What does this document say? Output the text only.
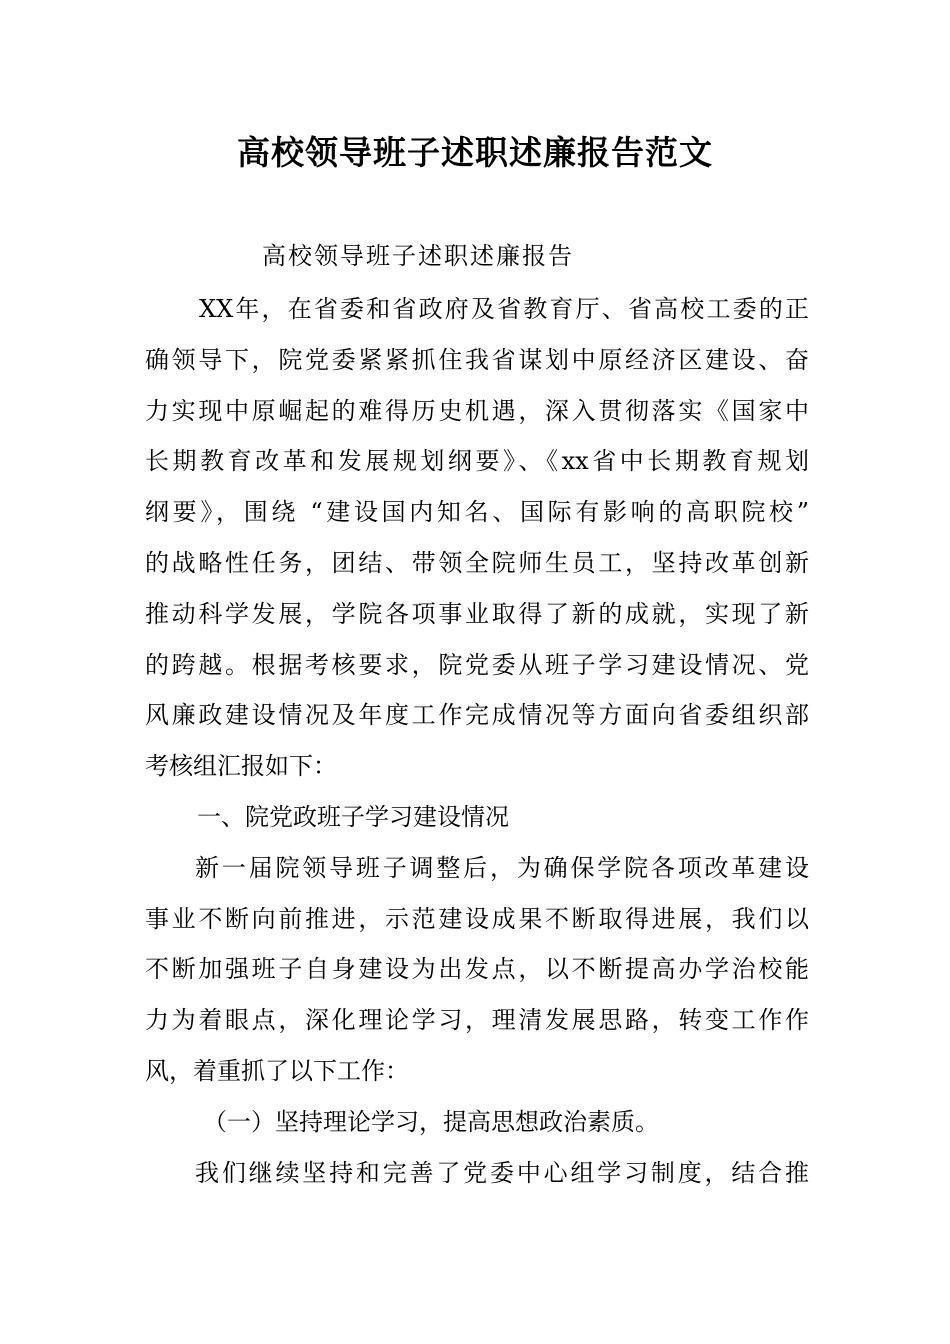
高校领导班子述职述廉报告范文

高校领导班子述职述廉报告

XX年，在省委和省政府及省教育厅、省高校工委的正
确领导下，院党委紧紧抓住我省谋划中原经济区建设、奋
力实现中原崛起的难得历史机遇，深入贯彻落实《国家中
长期教育改革和发展规划纲要》、《xx省中长期教育规划
纲要》，围绕 “建设国内知名、国际有影响的高职院校”
的战略性任务，团结、带领全院师生员工，坚持改革创新
推动科学发展，学院各项事业取得了新的成就，实现了新
的跨越。根据考核要求，院党委从班子学习建设情况、党
风廉政建设情况及年度工作完成情况等方面向省委组织部
考核组汇报如下：
一、院党政班子学习建设情况
新一届院领导班子调整后，为确保学院各项改革建设
事业不断向前推进，示范建设成果不断取得进展，我们以
不断加强班子自身建设为出发点，以不断提高办学治校能
力为着眼点，深化理论学习，理清发展思路，转变工作作
风，着重抓了以下工作：
（一）坚持理论学习，提高思想政治素质。
我们继续坚持和完善了党委中心组学习制度，结合推
